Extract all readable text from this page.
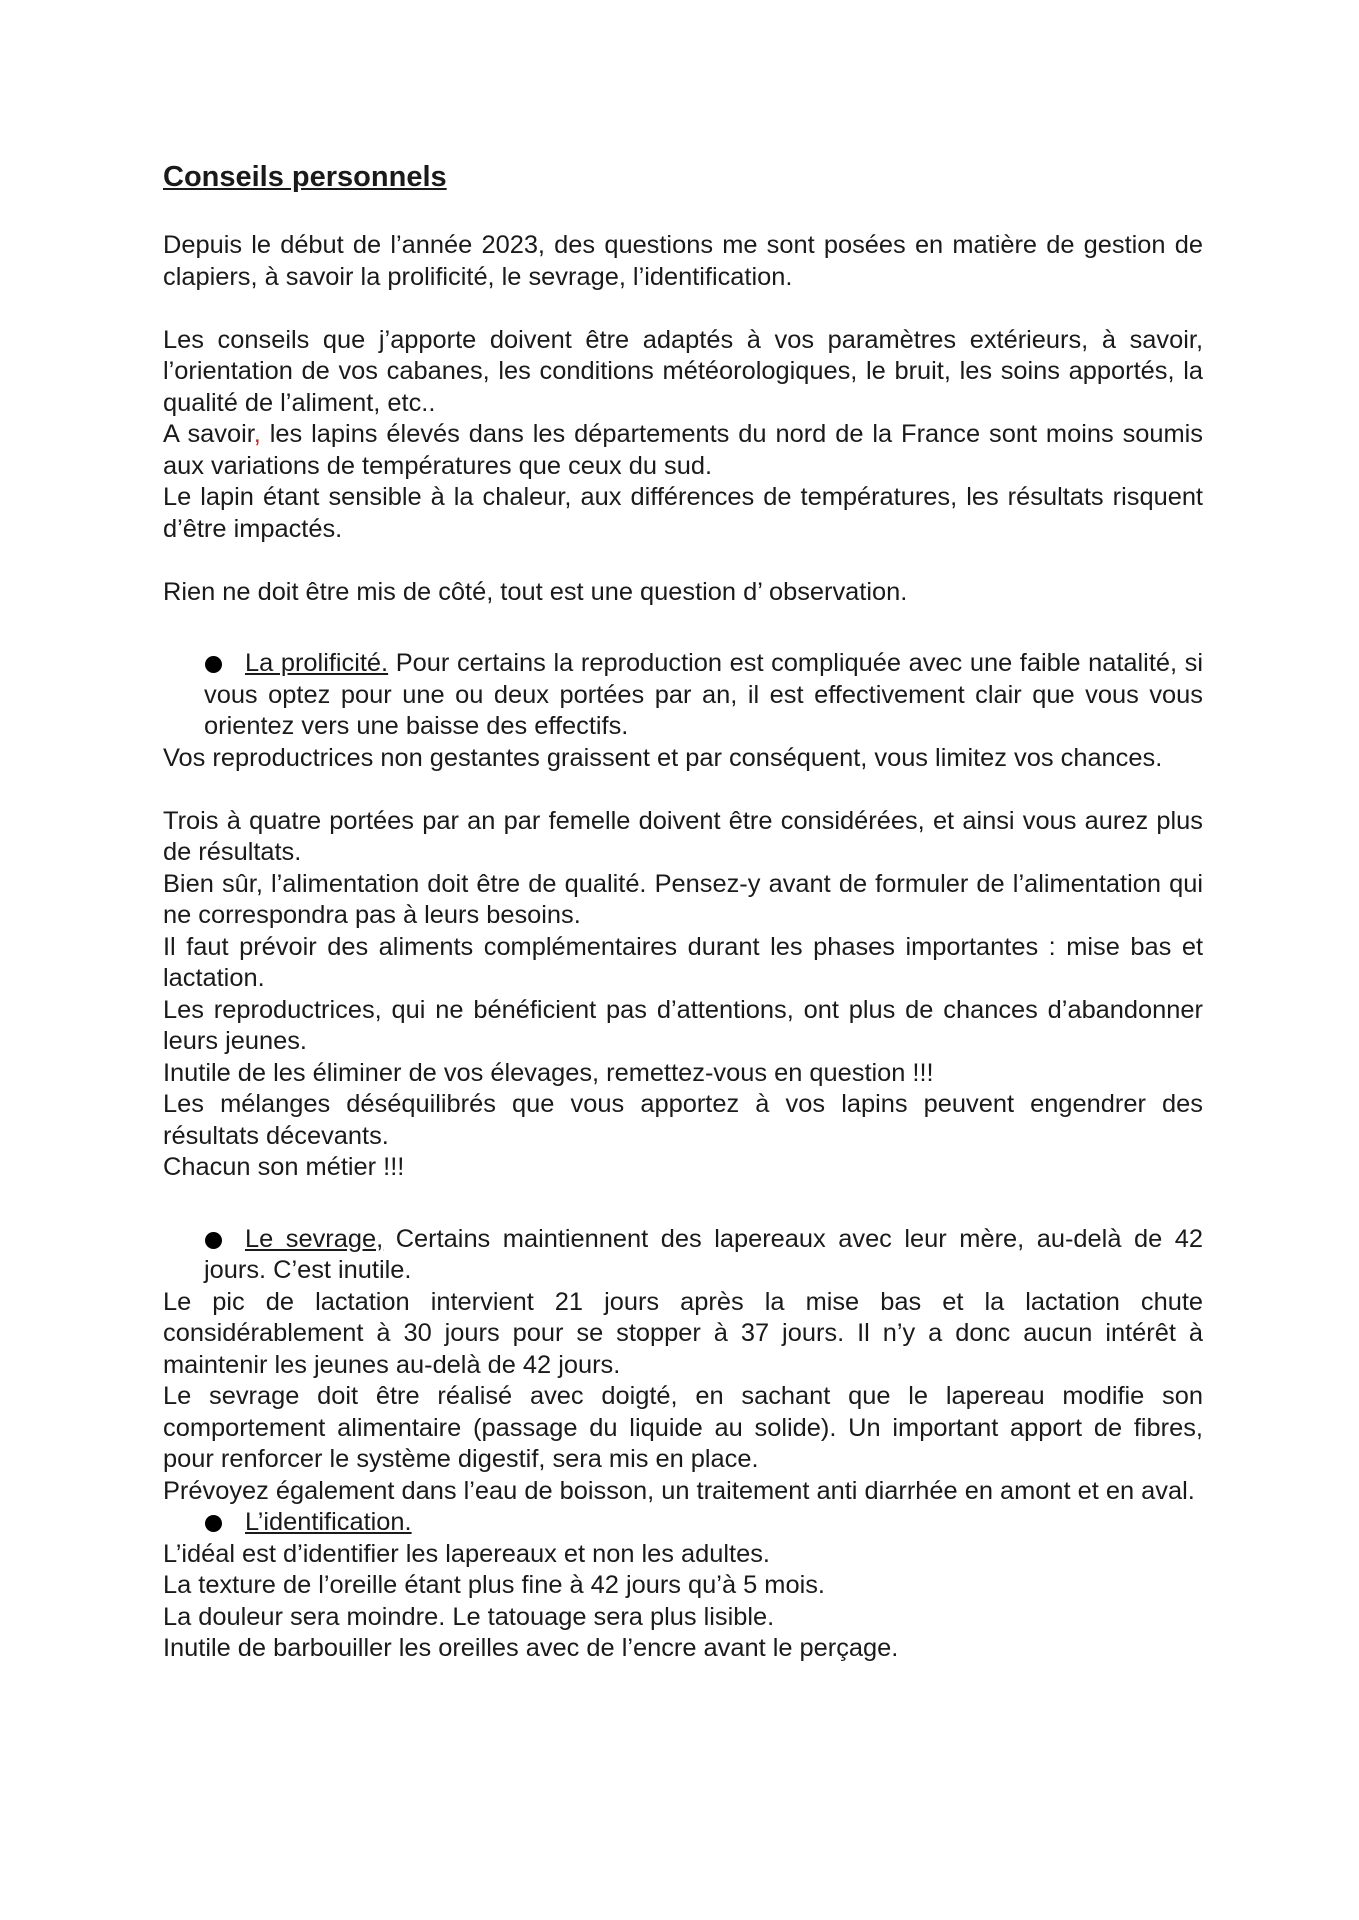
Conseils personnels

Depuis le début de l’année 2023, des questions me sont posées en matière de gestion de clapiers, à savoir la prolificité, le sevrage, l’identification.

Les conseils que j’apporte doivent être adaptés à vos paramètres extérieurs, à savoir, l’orientation de vos cabanes, les conditions météorologiques, le bruit, les soins apportés, la qualité de l’aliment, etc..

A savoir, les lapins élevés dans les départements du nord de la France sont moins soumis aux variations de températures que ceux du sud.

Le lapin étant sensible à la chaleur, aux différences de températures, les résultats risquent d’être impactés.

Rien ne doit être mis de côté, tout est une question d’ observation.

La prolificité. Pour certains la reproduction est compliquée avec une faible natalité, si vous optez pour une ou deux portées par an, il est effectivement clair que vous vous orientez vers une baisse des effectifs.

Vos reproductrices non gestantes graissent et par conséquent, vous limitez vos chances.

Trois à quatre portées par an par femelle doivent être considérées, et ainsi vous aurez plus de résultats.

Bien sûr, l’alimentation doit être de qualité. Pensez-y avant de formuler de l’alimentation qui ne correspondra pas à leurs besoins.

Il faut prévoir des aliments complémentaires durant les phases importantes : mise bas et lactation.

Les reproductrices, qui ne bénéficient pas d’attentions, ont plus de chances d’abandonner leurs jeunes.

Inutile de les éliminer de vos élevages, remettez-vous en question !!!

Les mélanges déséquilibrés que vous apportez à vos lapins peuvent engendrer des résultats décevants.

Chacun son métier !!!

Le sevrage, Certains maintiennent des lapereaux avec leur mère, au-delà de 42 jours. C’est inutile.

Le pic de lactation intervient 21 jours après la mise bas et la lactation chute considérablement à 30 jours pour se stopper à 37 jours. Il n’y a donc aucun intérêt à maintenir les jeunes au-delà de 42 jours.

Le sevrage doit être réalisé avec doigté, en sachant que le lapereau modifie son comportement alimentaire (passage du liquide au solide). Un important apport de fibres, pour renforcer le système digestif, sera mis en place.

Prévoyez également dans l’eau de boisson, un traitement anti diarrhée en amont et en aval.

L’identification.

L’idéal est d’identifier les lapereaux et non les adultes.

La texture de l’oreille étant plus fine à 42 jours qu’à 5 mois.

La douleur sera moindre. Le tatouage sera plus lisible.

Inutile de barbouiller les oreilles avec de l’encre avant le perçage.
